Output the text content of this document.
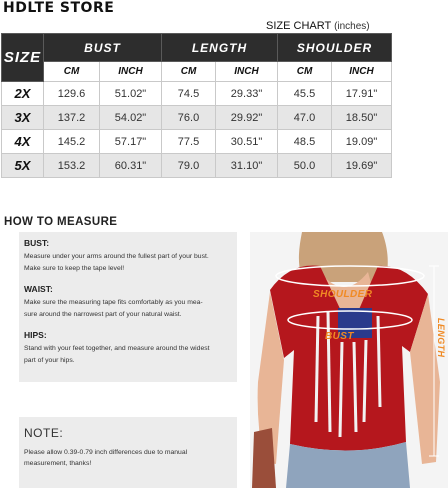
HDLTE STORE
SIZE CHART (inches)
SIZE	BUST		LENGTH		SHOULDER	
	CM	INCH	CM	INCH	CM	INCH
2X	129.6	51.02"	74.5	29.33"	45.5	17.91"
3X	137.2	54.02"	76.0	29.92"	47.0	18.50"
4X	145.2	57.17"	77.5	30.51"	48.5	19.09"
5X	153.2	60.31"	79.0	31.10"	50.0	19.69"
HOW TO MEASURE
BUST:
Measure under your arms around the fullest part of your bust.
Make sure to keep the tape level!
WAIST:
Make sure the measuring tape fits comfortably as you mea-
sure around the narrowest part of your natural waist.
HIPS:
Stand with your feet together, and measure around the widest
part of your hips.
NOTE:
Please allow 0.39-0.79 inch differences due to manual
measurement, thanks!
SHOULDER
BUST	LENGTH
